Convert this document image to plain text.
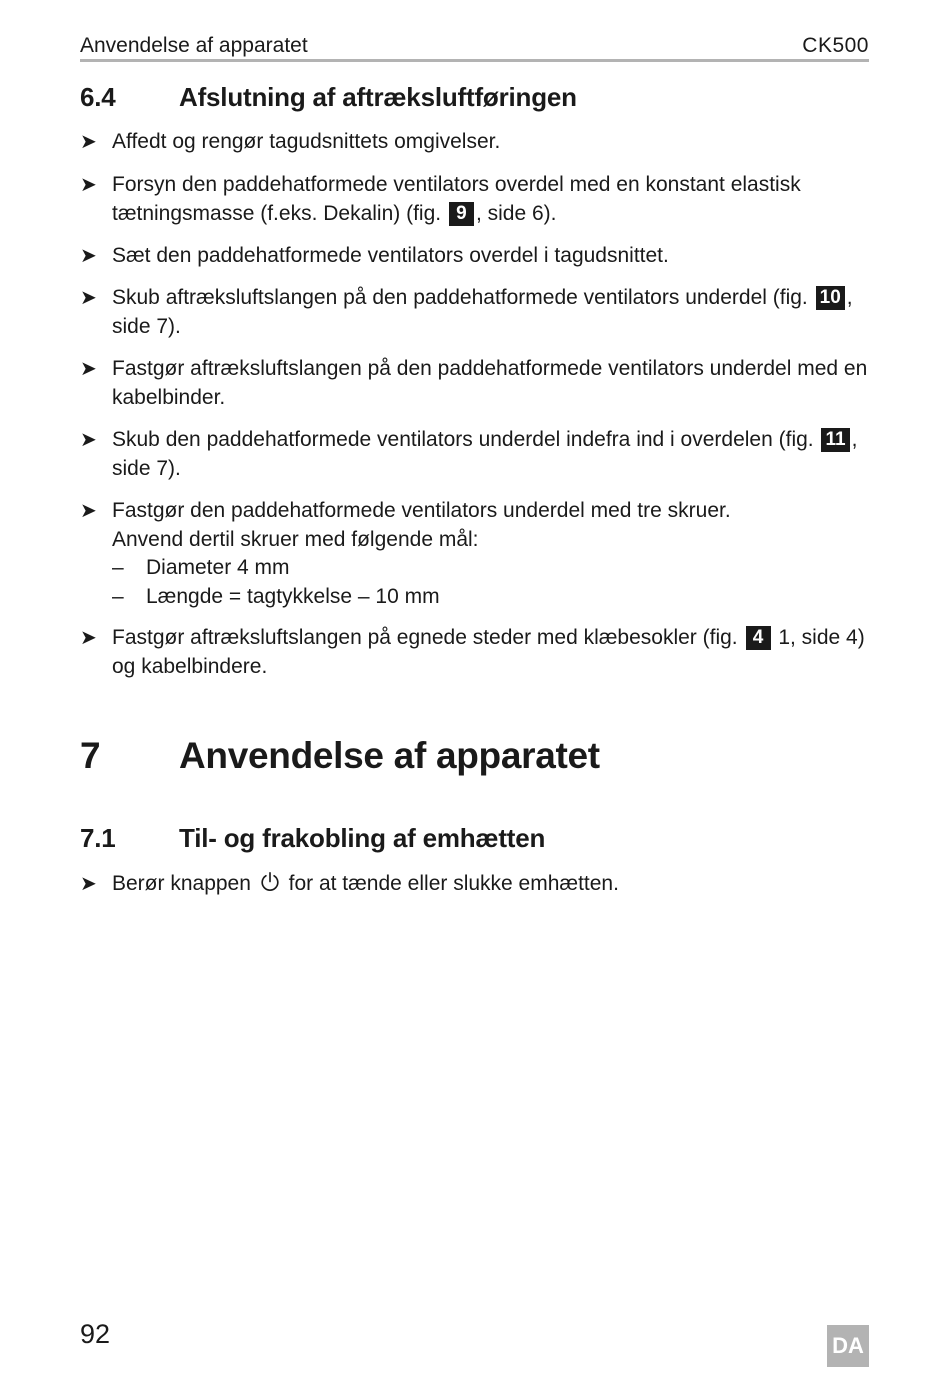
Anvendelse af apparatet	CK500
6.4 Afslutning af aftræksluftføringen
➤ Affedt og rengør tagudsnittets omgivelser.
➤ Forsyn den paddehatformede ventilators overdel med en konstant elastisk tætningsmasse (f.eks. Dekalin) (fig. 9 , side 6).
➤ Sæt den paddehatformede ventilators overdel i tagudsnittet.
➤ Skub aftræksluftslangen på den paddehatformede ventilators underdel (fig. 10 , side 7).
➤ Fastgør aftræksluftslangen på den paddehatformede ventilators underdel med en kabelbinder.
➤ Skub den paddehatformede ventilators underdel indefra ind i overdelen (fig. 11 , side 7).
➤ Fastgør den paddehatformede ventilators underdel med tre skruer.
Anvend dertil skruer med følgende mål:
– Diameter 4 mm
– Længde = tagtykkelse – 10 mm
➤ Fastgør aftræksluftslangen på egnede steder med klæbesokler (fig. 4 1, side 4) og kabelbindere.
7 Anvendelse af apparatet
7.1 Til- og frakobling af emhætten
➤ Berør knappen for at tænde eller slukke emhætten.
92	DA
